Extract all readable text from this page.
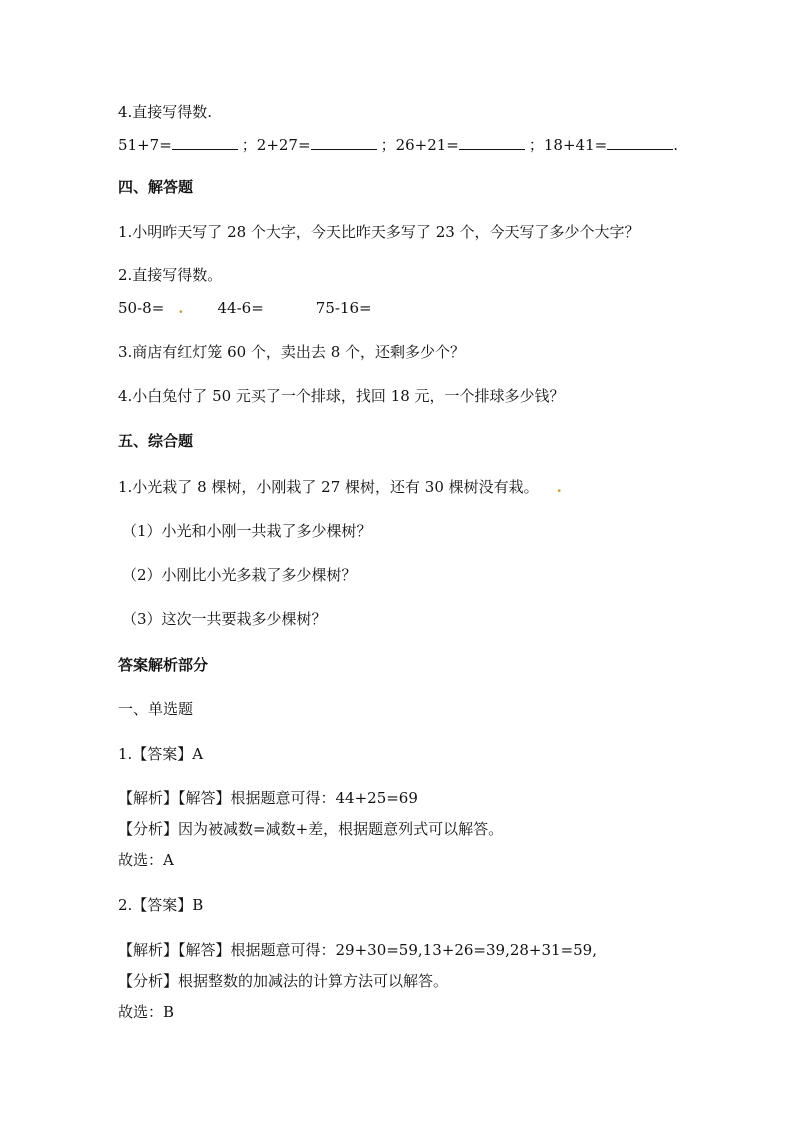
4.直接写得数.
51+7=	；2+27=	；26+21=	；18+41=	.
四、解答题
1.小明昨天写了 28 个大字，今天比昨天多写了 23 个，今天写了多少个大字？
2.直接写得数。
50-8= . 44-6=	75-16=
3.商店有红灯笼 60 个，卖出去 8 个，还剩多少个？
4.小白兔付了 50 元买了一个排球，找回 18 元，一个排球多少钱？
五、综合题
1.小光栽了 8 棵树，小刚栽了 27 棵树，还有 30 棵树没有栽。 .
（1）小光和小刚一共栽了多少棵树？
（2）小刚比小光多栽了多少棵树？
（3）这次一共要栽多少棵树？
答案解析部分
一、单选题
1.【答案】A
【解析】【解答】根据题意可得：44+25=69
【分析】因为被减数=减数+差，根据题意列式可以解答。
故选：A
2.【答案】B
【解析】【解答】根据题意可得：29+30=59,13+26=39,28+31=59,
【分析】根据整数的加减法的计算方法可以解答。
故选：B
